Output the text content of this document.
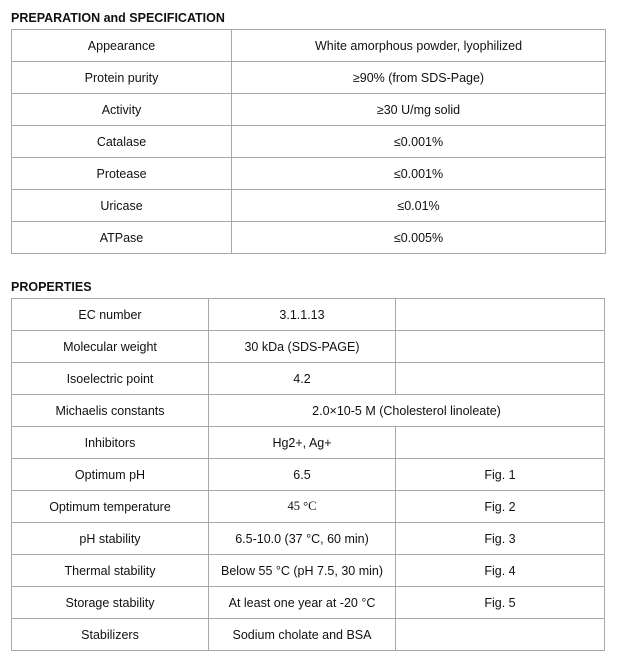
PREPARATION and SPECIFICATION
Appearance	White amorphous powder, lyophilized
Protein purity	≥90% (from SDS-Page)
Activity	≥30 U/mg solid
Catalase	≤0.001%
Protease	≤0.001%
Uricase	≤0.01%
ATPase	≤0.005%
PROPERTIES
EC number	3.1.1.13	
Molecular weight	30 kDa (SDS-PAGE)	
Isoelectric point	4.2	
Michaelis constants	2.0×10-5 M (Cholesterol linoleate)	
Inhibitors	Hg2+, Ag+	
Optimum pH	6.5	Fig. 1
Optimum temperature	45 °C	Fig. 2
pH stability	6.5-10.0 (37 °C, 60 min)	Fig. 3
Thermal stability	Below 55 °C (pH 7.5, 30 min)	Fig. 4
Storage stability	At least one year at -20 °C	Fig. 5
Stabilizers	Sodium cholate and BSA	
